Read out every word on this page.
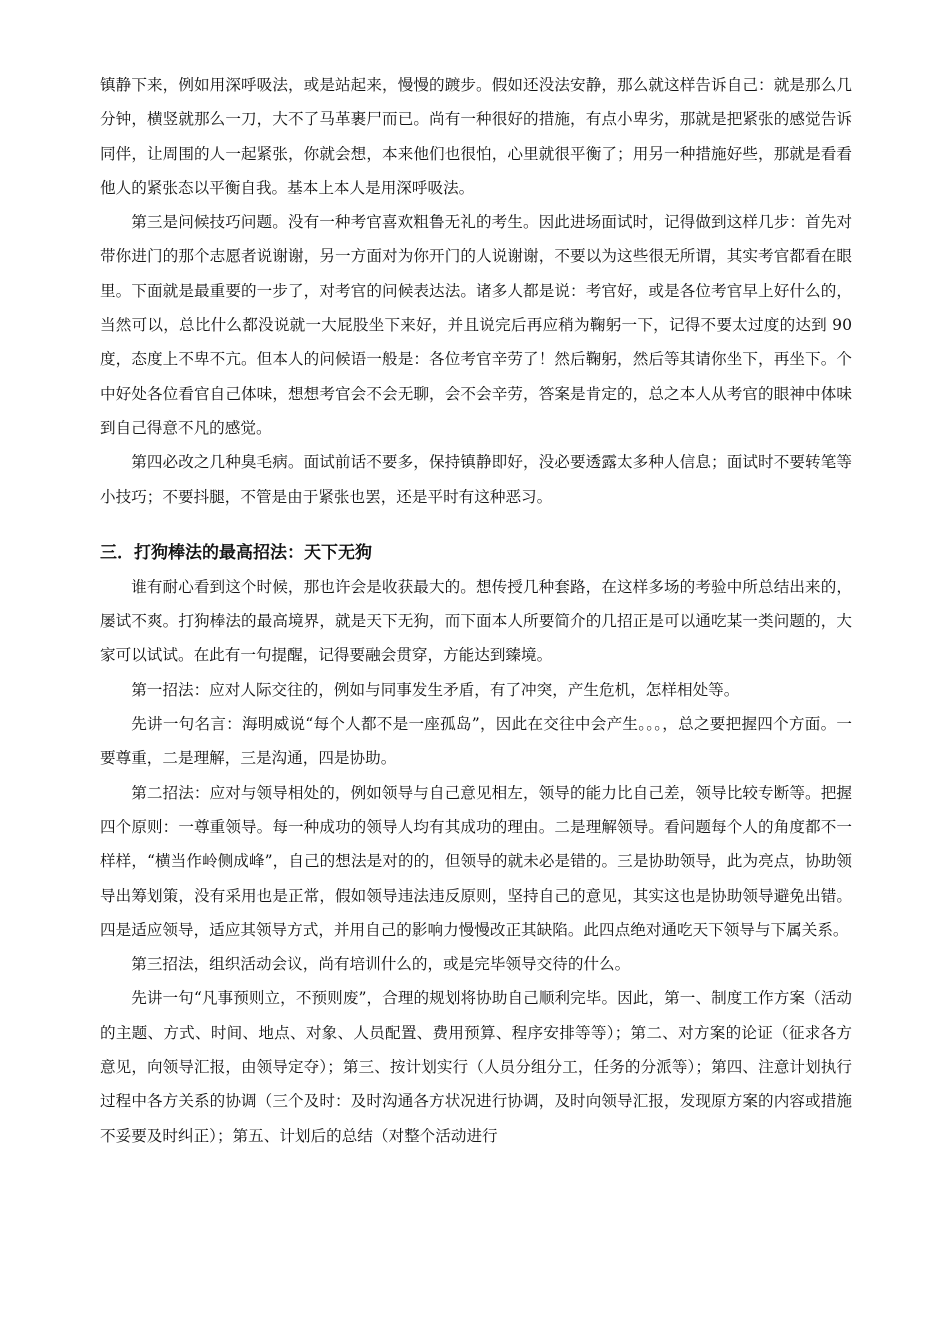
镇静下来，例如用深呼吸法，或是站起来，慢慢的踱步。假如还没法安静，那么就这样告诉自己：就是那么几分钟，横竖就那么一刀，大不了马革裹尸而已。尚有一种很好的措施，有点小卑劣，那就是把紧张的感觉告诉同伴，让周围的人一起紧张，你就会想，本来他们也很怕，心里就很平衡了；用另一种措施好些，那就是看看他人的紧张态以平衡自我。基本上本人是用深呼吸法。

第三是问候技巧问题。没有一种考官喜欢粗鲁无礼的考生。因此进场面试时，记得做到这样几步：首先对带你进门的那个志愿者说谢谢，另一方面对为你开门的人说谢谢，不要以为这些很无所谓，其实考官都看在眼里。下面就是最重要的一步了，对考官的问候表达法。诸多人都是说：考官好，或是各位考官早上好什么的，当然可以，总比什么都没说就一大屁股坐下来好，并且说完后再应稍为鞠躬一下，记得不要太过度的达到 90 度，态度上不卑不亢。但本人的问候语一般是：各位考官辛劳了！然后鞠躬，然后等其请你坐下，再坐下。个中好处各位看官自己体味，想想考官会不会无聊，会不会辛劳，答案是肯定的，总之本人从考官的眼神中体味到自己得意不凡的感觉。

第四必改之几种臭毛病。面试前话不要多，保持镇静即好，没必要透露太多种人信息；面试时不要转笔等小技巧；不要抖腿，不管是由于紧张也罢，还是平时有这种恶习。

三．打狗棒法的最高招法：天下无狗

谁有耐心看到这个时候，那也许会是收获最大的。想传授几种套路，在这样多场的考验中所总结出来的，屡试不爽。打狗棒法的最高境界，就是天下无狗，而下面本人所要简介的几招正是可以通吃某一类问题的，大家可以试试。在此有一句提醒，记得要融会贯穿，方能达到臻境。

第一招法：应对人际交往的，例如与同事发生矛盾，有了冲突，产生危机，怎样相处等。

先讲一句名言：海明威说“每个人都不是一座孤岛”，因此在交往中会产生。。。，总之要把握四个方面。一要尊重，二是理解，三是沟通，四是协助。

第二招法：应对与领导相处的，例如领导与自己意见相左，领导的能力比自己差，领导比较专断等。把握四个原则：一尊重领导。每一种成功的领导人均有其成功的理由。二是理解领导。看问题每个人的角度都不一样样，“横当作岭侧成峰”，自己的想法是对的的，但领导的就未必是错的。三是协助领导，此为亮点，协助领导出筹划策，没有采用也是正常，假如领导违法违反原则，坚持自己的意见，其实这也是协助领导避免出错。四是适应领导，适应其领导方式，并用自己的影响力慢慢改正其缺陷。此四点绝对通吃天下领导与下属关系。

第三招法，组织活动会议，尚有培训什么的，或是完毕领导交待的什么。

先讲一句“凡事预则立，不预则废”，合理的规划将协助自己顺利完毕。因此，第一、制度工作方案（活动的主题、方式、时间、地点、对象、人员配置、费用预算、程序安排等等）；第二、对方案的论证（征求各方意见，向领导汇报，由领导定夺）；第三、按计划实行（人员分组分工，任务的分派等）；第四、注意计划执行过程中各方关系的协调（三个及时：及时沟通各方状况进行协调，及时向领导汇报，发现原方案的内容或措施不妥要及时纠正）；第五、计划后的总结（对整个活动进行
